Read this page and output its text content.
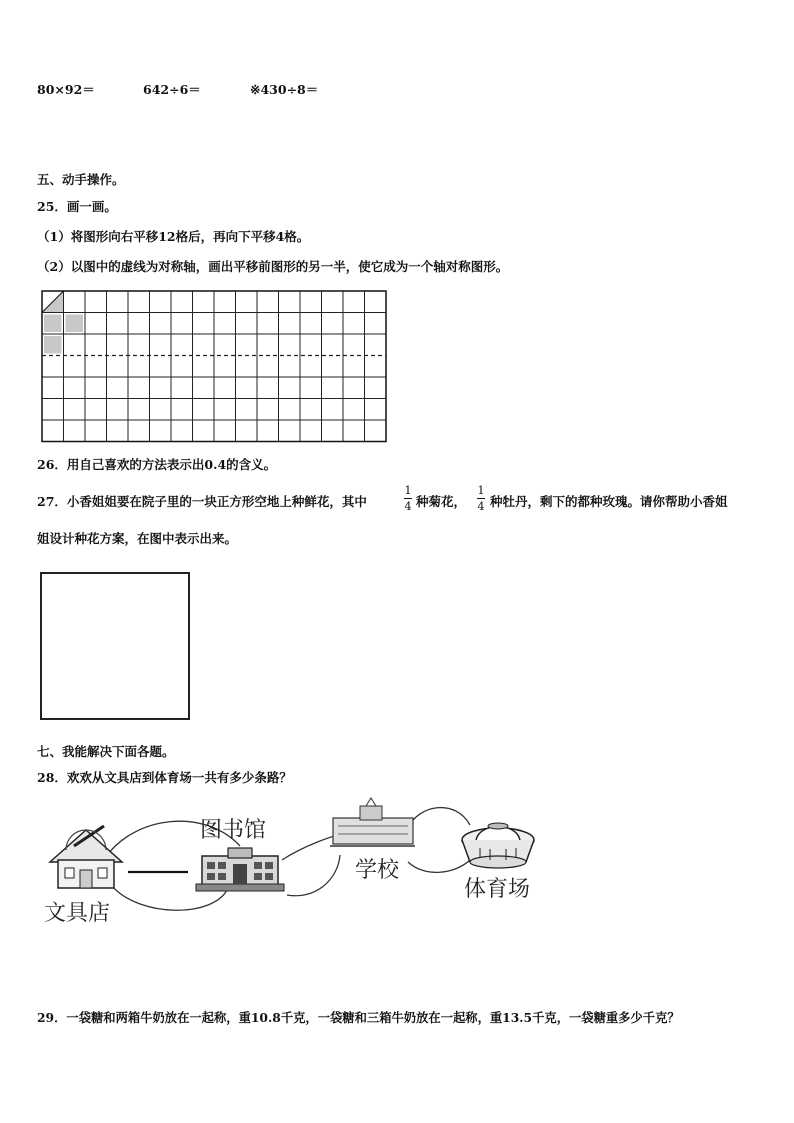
80×92＝	642÷6＝	※430÷8＝
五、动手操作。
25．画一画。
（1）将图形向右平移12格后，再向下平移4格。
（2）以图中的虚线为对称轴，画出平移前图形的另一半，使它成为一个轴对称图形。
26．用自己喜欢的方法表示出0.4的含义。
27．小香姐姐要在院子里的一块正方形空地上种鲜花，其中
1
4 种菊花，
1
4 种牡丹，剩下的都种玫瑰。请你帮助小香姐
姐设计种花方案，在图中表示出来。
七、我能解决下面各题。
28．欢欢从文具店到体育场一共有多少条路？
文具店
图书馆
学校
体育场
29．一袋糖和两箱牛奶放在一起称，重10.8千克，一袋糖和三箱牛奶放在一起称，重13.5千克，一袋糖重多少千克？
